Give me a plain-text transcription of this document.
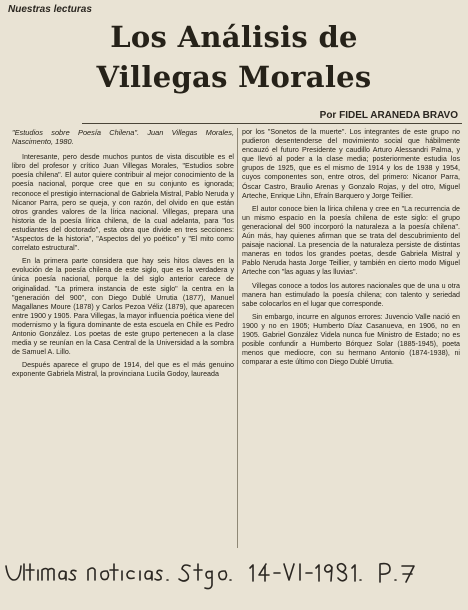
Nuestras lecturas
Los Análisis de
Villegas Morales
Por FIDEL ARANEDA BRAVO

"Estudios sobre Poesía Chilena". Juan Villegas Morales, Nascimento, 1980.

Interesante, pero desde muchos puntos de vista discutible es el libro del profesor y crítico Juan Villegas Morales, "Estudios sobre poesía chilena". El autor quiere contribuir al mejor conocimiento de la poesía nacional, porque cree que en su conjunto es ignorada; reconoce el prestigio internacional de Gabriela Mistral, Pablo Neruda y Nicanor Parra, pero se queja, y con razón, del olvido en que están otros grandes valores de la lírica nacional. Villegas, prepara una historia de la poesía lírica chilena, de la cual adelanta, para "los estudiantes del doctorado", esta obra que divide en tres secciones: "Aspectos de la historia", "Aspectos del yo poético" y "El mito como correlato estructural".

En la primera parte considera que hay seis hitos claves en la evolución de la poesía chilena de este siglo, que es la verdadera y única poesía nacional, porque la del siglo anterior carece de originalidad. "La primera instancia de este siglo" la centra en la "generación del 900", con Diego Dublé Urrutia (1877), Manuel Magallanes Moure (1878) y Carlos Pezoa Véliz (1879), que aparecen entre 1900 y 1905. Para Villegas, la mayor influencia poética viene del modernismo y la figura dominante de esta escuela en Chile es Pedro Antonio González. Los poetas de este grupo pertenecen a la clase media y se reunían en la Casa Central de la Universidad a la sombra de Samuel A. Lillo.

Después aparece el grupo de 1914, del que es el más genuino exponente Gabriela Mistral, la provinciana Lucila Godoy, laureada

por los "Sonetos de la muerte". Los integrantes de este grupo no pudieron desentenderse del movimiento social que hábilmente encauzó el futuro Presidente y caudillo Arturo Alessandri Palma, y que llevó al poder a la clase media; posteriormente estudia los grupos de 1925, que es el mismo de 1914 y los de 1938 y 1954, cuyos componentes son, entre otros, del primero: Nicanor Parra, Óscar Castro, Braulio Arenas y Gonzalo Rojas, y del otro, Miguel Arteche, Enrique Lihn, Efraín Barquero y Jorge Teillier.

El autor conoce bien la lírica chilena y cree en "La recurrencia de un mismo espacio en la poesía chilena de este siglo: el grupo generacional del 900 incorporó la naturaleza a la poesía chilena". Aún más, hay quienes afirman que se trata del descubrimiento del paisaje nacional. La presencia de la naturaleza persiste de distintas maneras en todos los grandes poetas, desde Gabriela Mistral y Pablo Neruda hasta Jorge Teillier, y también en cierto modo Miguel Arteche con "las aguas y las lluvias".

Villegas conoce a todos los autores nacionales que de una u otra manera han estimulado la poesía chilena; con talento y seriedad sabe colocarlos en el lugar que corresponde.

Sin embargo, incurre en algunos errores: Juvencio Valle nació en 1900 y no en 1905; Humberto Díaz Casanueva, en 1906, no en 1905. Gabriel González Videla nunca fue Ministro de Estado; no es posible confundir a Humberto Bórquez Solar (1885-1945), poeta menos que mediocre, con su hermano Antonio (1874-1938), ni comparar a este último con Diego Dublé Urrutia.
